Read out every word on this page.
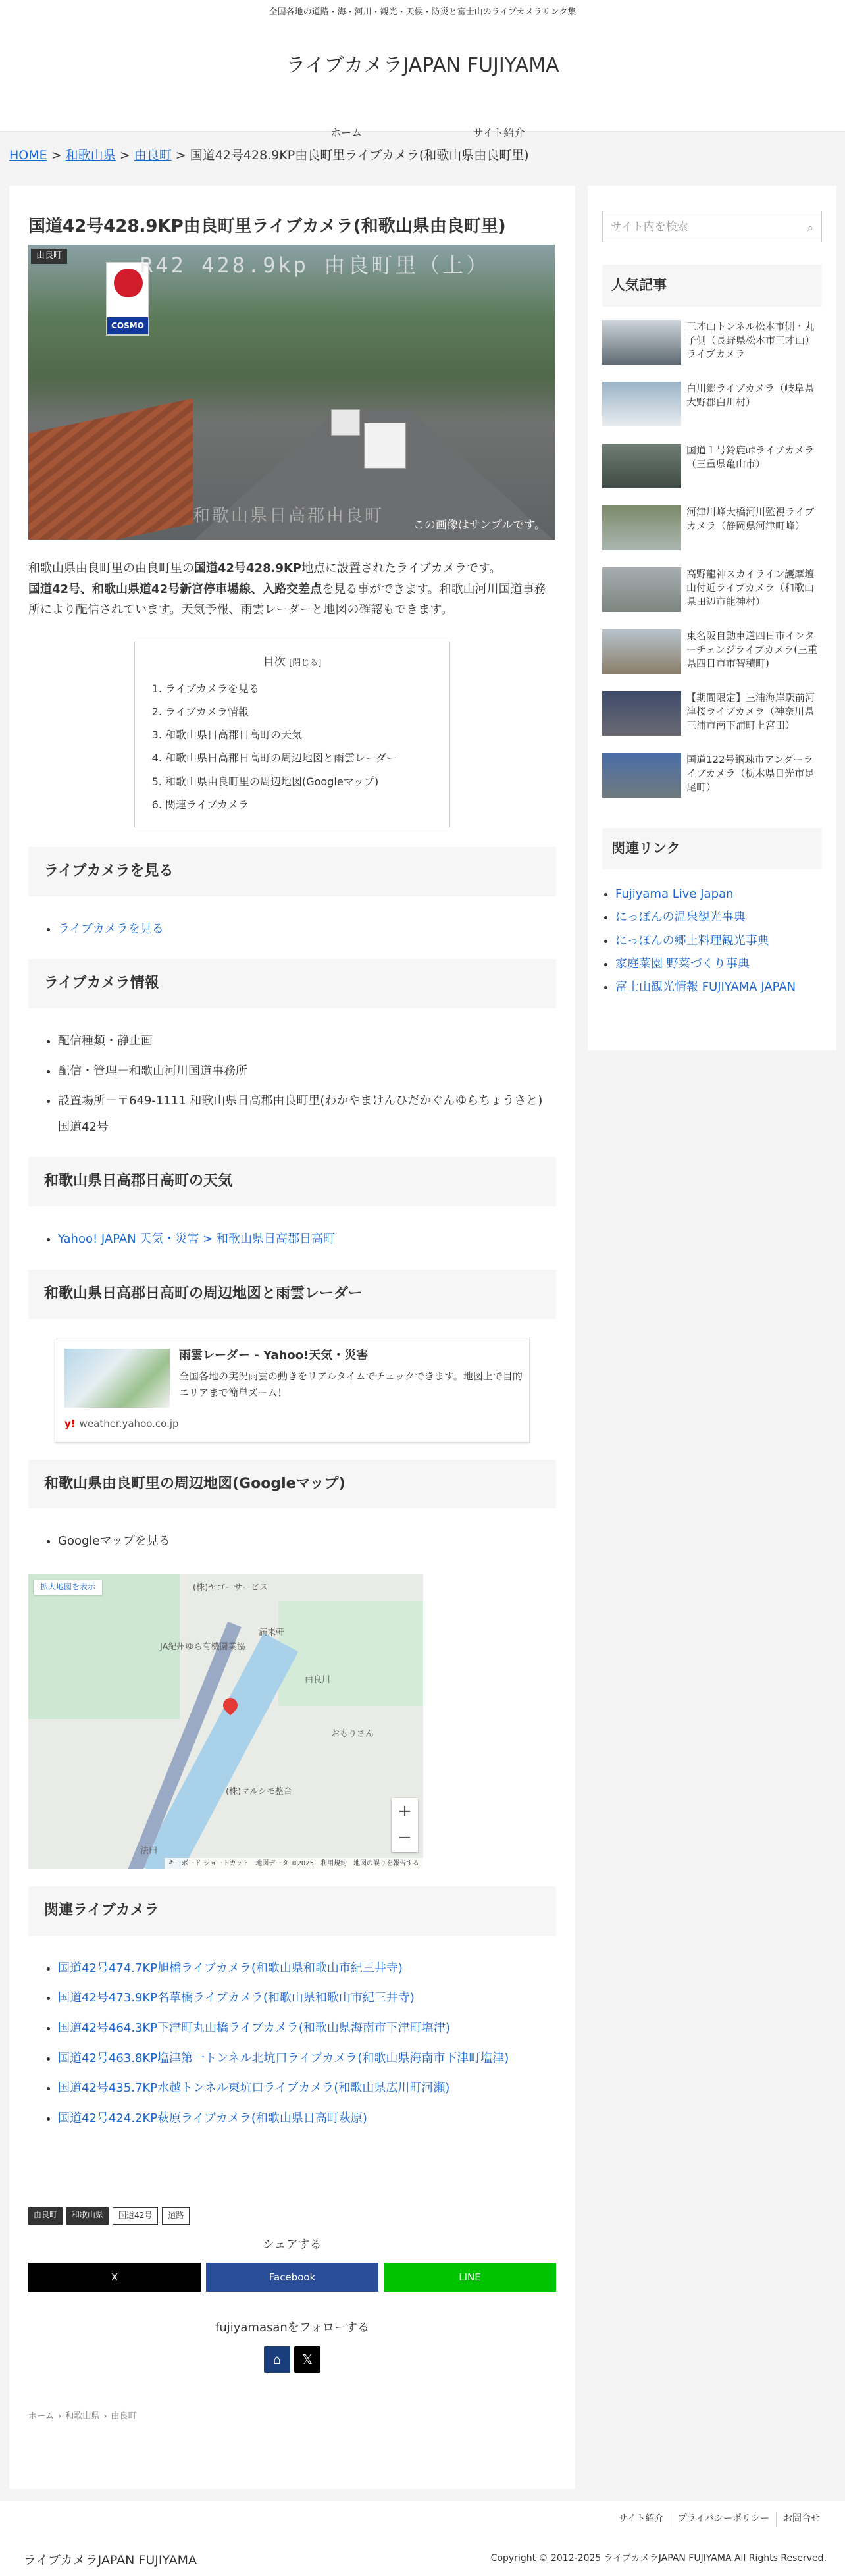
全国各地の道路・海・河川・観光・天候・防災と富士山のライブカメラリンク集
ライブカメラJAPAN FUJIYAMA
ホーム	サイト紹介
HOME > 和歌山県 > 由良町 > 国道42号428.9KP由良町里ライブカメラ(和歌山県由良町里)
国道42号428.9KP由良町里ライブカメラ(和歌山県由良町里)
COSMO
R42 428.9kp 由良町里（上）
和歌山県日高郡由良町
由良町
この画像はサンプルです。

和歌山県由良町里の由良町里の国道42号428.9KP地点に設置されたライブカメラです。
国道42号、和歌山県道42号新宮停車場線、入路交差点を見る事ができます。和歌山河川国道事務所により配信されています。天気予報、雨雲レーダーと地図の確認もできます。

目次 [閉じる]
1. ライブカメラを見る
2. ライブカメラ情報
3. 和歌山県日高郡日高町の天気
4. 和歌山県日高郡日高町の周辺地図と雨雲レーダー
5. 和歌山県由良町里の周辺地図(Googleマップ)
6. 関連ライブカメラ
ライブカメラを見る
• ライブカメラを見る
ライブカメラ情報
• 配信種類・静止画
• 配信・管理－和歌山河川国道事務所
• 設置場所－〒649-1111 和歌山県日高郡由良町里(わかやまけんひだかぐんゆらちょうさと)　国道42号
和歌山県日高郡日高町の天気
• Yahoo! JAPAN 天気・災害 > 和歌山県日高郡日高町
和歌山県日高郡日高町の周辺地図と雨雲レーダー
雨雲レーダー - Yahoo!天気・災害
全国各地の実況雨雲の動きをリアルタイムでチェックできます。地図上で目的エリアまで簡単ズーム！
y! weather.yahoo.co.jp
和歌山県由良町里の周辺地図(Googleマップ)
• Googleマップを見る
(株)ヤゴーサービス
JA紀州ゆら有機園業協
満来軒
おもりさん
(株)マルシモ整合
法田
由良川
拡大地図を表示
+
−
キーボード ショートカット　地図データ ©2025　利用規約　地図の誤りを報告する
関連ライブカメラ
• 国道42号474.7KP旭橋ライブカメラ(和歌山県和歌山市紀三井寺)
• 国道42号473.9KP名草橋ライブカメラ(和歌山県和歌山市紀三井寺)
• 国道42号464.3KP下津町丸山橋ライブカメラ(和歌山県海南市下津町塩津)
• 国道42号463.8KP塩津第一トンネル北坑口ライブカメラ(和歌山県海南市下津町塩津)
• 国道42号435.7KP水越トンネル東坑口ライブカメラ(和歌山県広川町河瀬)
• 国道42号424.2KP萩原ライブカメラ(和歌山県日高町萩原)
由良町	和歌山県	国道42号	道路
シェアする
X	Facebook	LINE
fujiyamasanをフォローする
⌂	𝕏
ホーム › 和歌山県 › 由良町
サイト内を検索	⌕
人気記事
三才山トンネル松本市側・丸子側（長野県松本市三才山）ライブカメラ
白川郷ライブカメラ（岐阜県大野郡白川村）
国道１号鈴鹿峠ライブカメラ（三重県亀山市）
河津川峰大橋河川監視ライブカメラ（静岡県河津町峰）
高野龍神スカイライン護摩壇山付近ライブカメラ（和歌山県田辺市龍神村）
東名阪自動車道四日市インターチェンジライブカメラ(三重県四日市市智積町)
【期間限定】三浦海岸駅前河津桜ライブカメラ（神奈川県三浦市南下浦町上宮田）
国道122号鋼疎市アンダーライブカメラ（栃木県日光市足尾町）
関連リンク
• Fujiyama Live Japan
• にっぽんの温泉観光事典
• にっぽんの郷土料理観光事典
• 家庭菜園 野菜づくり事典
• 富士山観光情報 FUJIYAMA JAPAN
サイト紹介	プライバシーポリシー	お問合せ
ライブカメラJAPAN FUJIYAMA	Copyright © 2012-2025 ライブカメラJAPAN FUJIYAMA All Rights Reserved.
